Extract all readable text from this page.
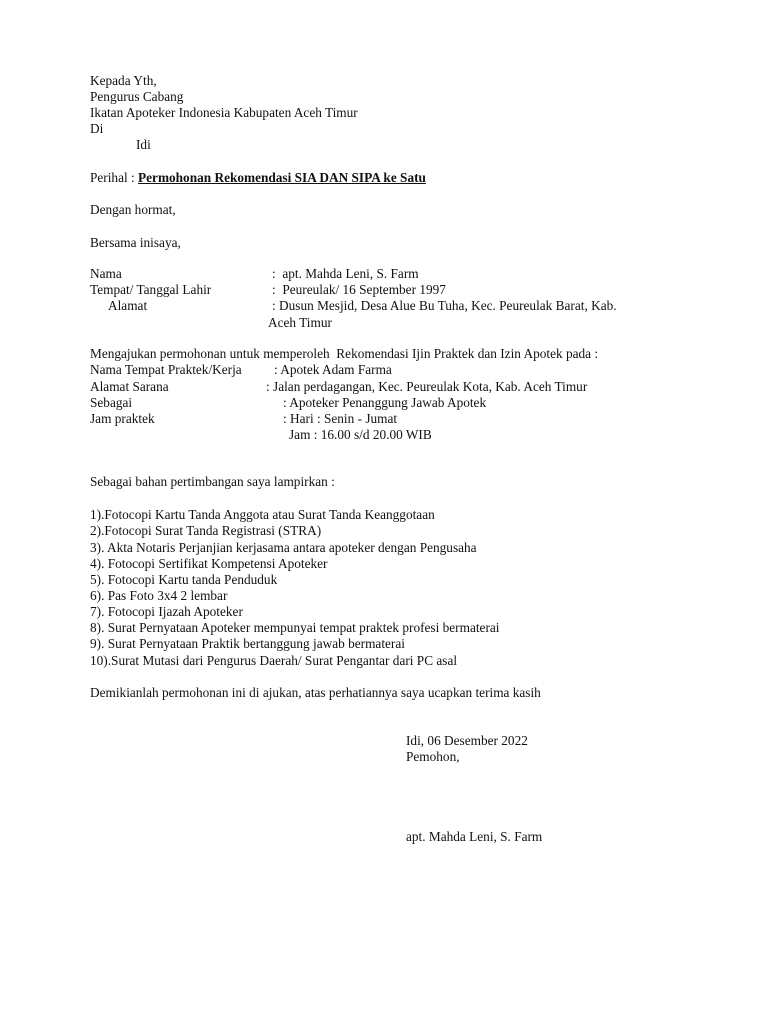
Kepada Yth,
Pengurus Cabang
Ikatan Apoteker Indonesia Kabupaten Aceh Timur
Di
Idi
Perihal : Permohonan Rekomendasi SIA DAN SIPA ke Satu
Dengan hormat,
Bersama inisaya,
Nama	:  apt. Mahda Leni, S. Farm
Tempat/ Tanggal Lahir	:  Peureulak/ 16 September 1997
Alamat	: Dusun Mesjid, Desa Alue Bu Tuha, Kec. Peureulak Barat, Kab.
Aceh Timur
Mengajukan permohonan untuk memperoleh  Rekomendasi Ijin Praktek dan Izin Apotek pada :
Nama Tempat Praktek/Kerja : Apotek Adam Farma
Alamat Sarana	: Jalan perdagangan, Kec. Peureulak Kota, Kab. Aceh Timur
Sebagai	: Apoteker Penanggung Jawab Apotek
Jam praktek	: Hari : Senin - Jumat
Jam : 16.00 s/d 20.00 WIB
Sebagai bahan pertimbangan saya lampirkan :
1).Fotocopi Kartu Tanda Anggota atau Surat Tanda Keanggotaan
2).Fotocopi Surat Tanda Registrasi (STRA)
3). Akta Notaris Perjanjian kerjasama antara apoteker dengan Pengusaha
4). Fotocopi Sertifikat Kompetensi Apoteker
5). Fotocopi Kartu tanda Penduduk
6). Pas Foto 3x4 2 lembar
7). Fotocopi Ijazah Apoteker
8). Surat Pernyataan Apoteker mempunyai tempat praktek profesi bermaterai
9). Surat Pernyataan Praktik bertanggung jawab bermaterai
10).Surat Mutasi dari Pengurus Daerah/ Surat Pengantar dari PC asal
Demikianlah permohonan ini di ajukan, atas perhatiannya saya ucapkan terima kasih
Idi, 06 Desember 2022
Pemohon,
apt. Mahda Leni, S. Farm
